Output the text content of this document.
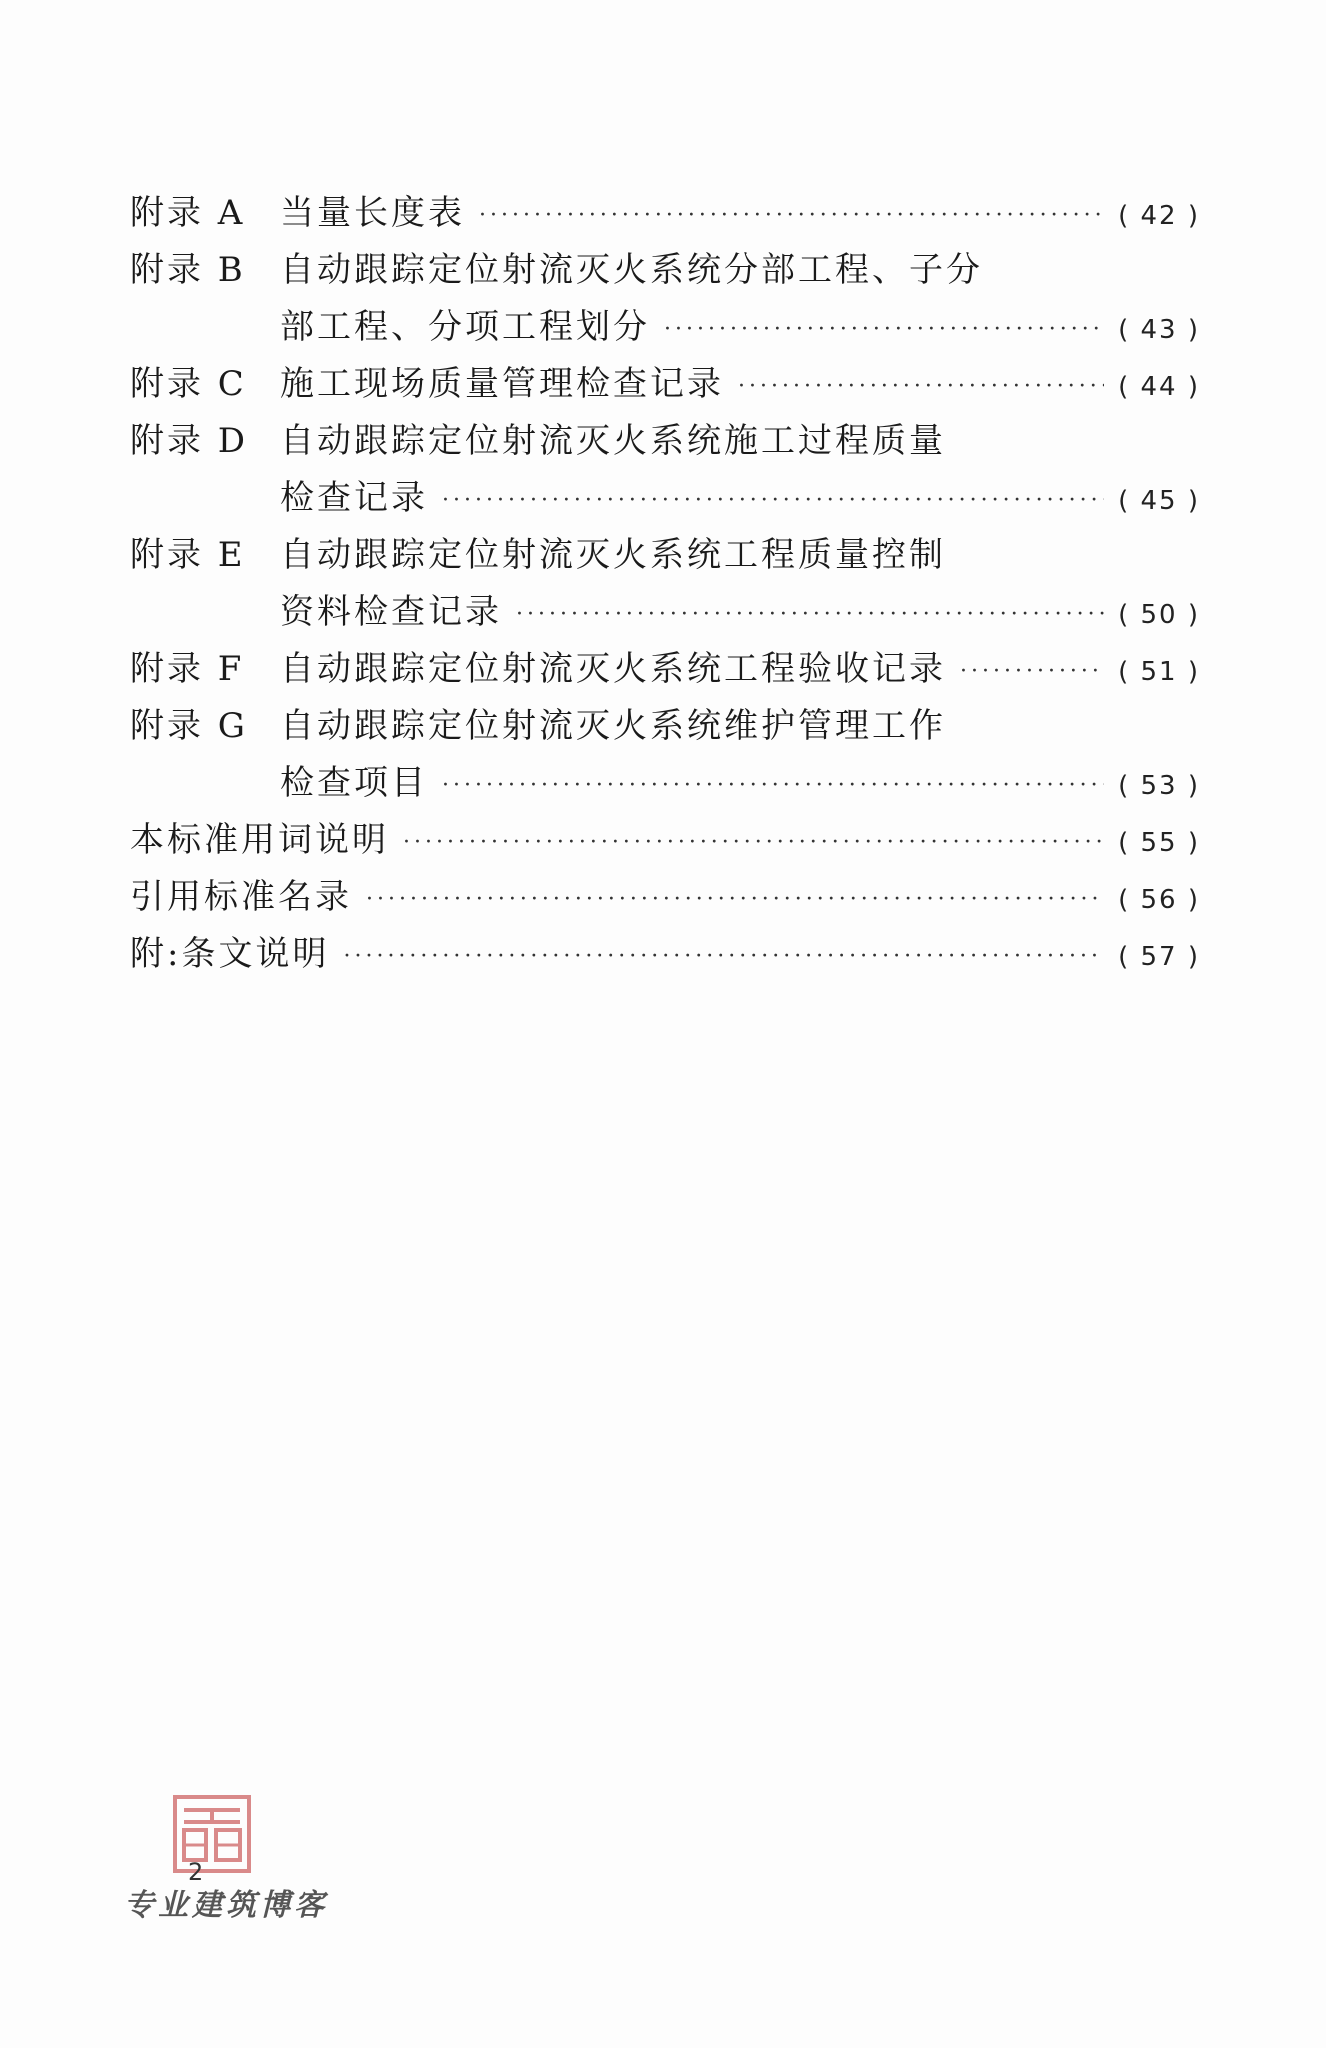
附录 A	当量长度表 ·····	( 42 )
附录 B	自动跟踪定位射流灭火系统分部工程、子分
部工程、分项工程划分 ·····	( 43 )
附录 C 施工现场质量管理检查记录 ·····	( 44 )
附录 D 自动跟踪定位射流灭火系统施工过程质量
检查记录 ·····	( 45 )
附录 E	自动跟踪定位射流灭火系统工程质量控制
资料检查记录 ·····	( 50 )
附录 F	自动跟踪定位射流灭火系统工程验收记录 ·····	( 51 )
附录 G 自动跟踪定位射流灭火系统维护管理工作
检查项目 ·····	( 53 )
本标准用词说明 ·····	( 55 )
引用标准名录 ·····	( 56 )
附:条文说明 ·····	( 57 )
2
专业建筑博客
